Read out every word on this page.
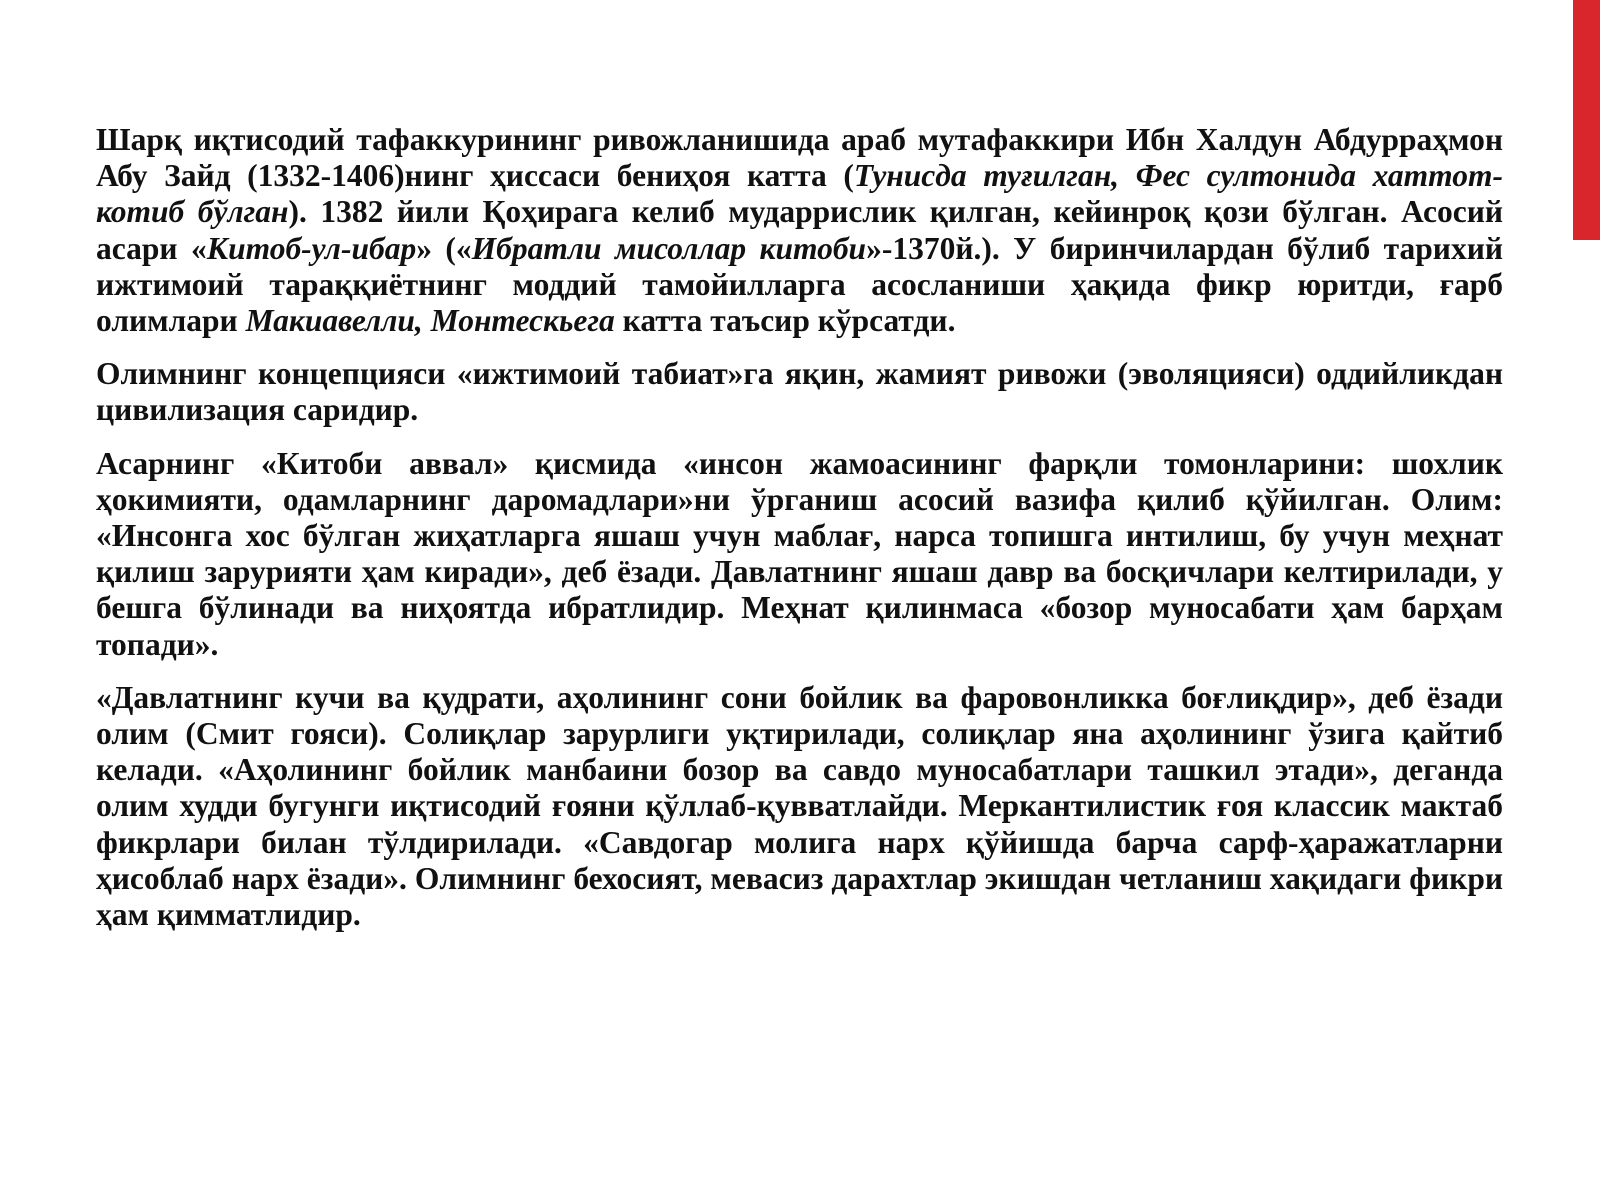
Шарқ иқтисодий тафаккурининг ривожланишида араб мутафаккири Ибн Халдун Абдурраҳмон Абу Зайд (1332-1406)нинг ҳиссаси бениҳоя катта (Тунисда туғилган, Фес султонида хаттот-котиб бўлган). 1382 йили Қоҳирага келиб мударрислик қилган, кейинроқ қози бўлган. Асосий асари «Китоб-ул-ибар» («Ибратли мисоллар китоби»-1370й.). У биринчилардан бўлиб тарихий ижтимоий тараққиётнинг моддий тамойилларга асосланиши ҳақида фикр юритди, ғарб олимлари Макиавелли, Монтескьега катта таъсир кўрсатди.

Олимнинг концепцияси «ижтимоий табиат»га яқин, жамият ривожи (эволяцияси) оддийликдан цивилизация саридир.

Асарнинг «Китоби аввал» қисмида «инсон жамоасининг фарқли томонларини: шохлик ҳокимияти, одамларнинг даромадлари»ни ўрганиш асосий вазифа қилиб қўйилган. Олим: «Инсонга хос бўлган жиҳатларга яшаш учун маблағ, нарса топишга интилиш, бу учун меҳнат қилиш зарурияти ҳам киради», деб ёзади. Давлатнинг яшаш давр ва босқичлари келтирилади, у бешга бўлинади ва ниҳоятда ибратлидир. Меҳнат қилинмаса «бозор муносабати ҳам барҳам топади».

«Давлатнинг кучи ва қудрати, аҳолининг сони бойлик ва фаровонликка боғлиқдир», деб ёзади олим (Смит гояси). Солиқлар зарурлиги уқтирилади, солиқлар яна аҳолининг ўзига қайтиб келади. «Аҳолининг бойлик манбаини бозор ва савдо муносабатлари ташкил этади», деганда олим худди бугунги иқтисодий ғояни қўллаб-қувватлайди. Меркантилистик ғоя классик мактаб фикрлари билан тўлдирилади. «Савдогар молига нарх қўйишда барча сарф-ҳаражатларни ҳисоблаб нарх ёзади». Олимнинг бехосият, мевасиз дарахтлар экишдан четланиш хақидаги фикри ҳам қимматлидир.
